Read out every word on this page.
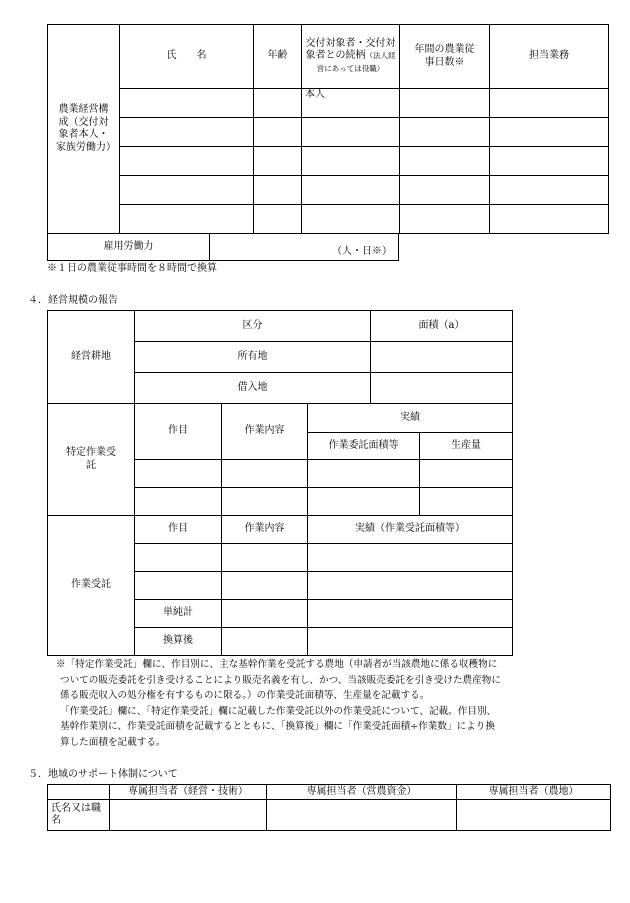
農業経営構成（交付対象者本人・家族労働力）	氏　　名	年齢	交付対象者・交付対象者との続柄（法人経営にあっては役職）	年間の農業従事日数※	担当業務
			本人		

雇用労働力	（人・日※）
※１日の農業従事時間を８時間で換算
４．経営規模の報告
経営耕地	区分			面積（a）	
	所有地				
	借入地				
特定作業受託	作目	作業内容	実績		
			作業委託面積等		生産量

作業受託	作目	作業内容	実績（作業受託面積等）		

	単純計				
	換算後				
※「特定作業受託」欄に、作目別に、主な基幹作業を受託する農地（申請者が当該農地に係る収穫物に
ついての販売委託を引き受けることにより販売名義を有し、かつ、当該販売委託を引き受けた農産物に
係る販売収入の処分権を有するものに限る。）の作業受託面積等、生産量を記載する。
「作業受託」欄に、「特定作業受託」欄に記載した作業受託以外の作業受託について、記載。作目別、
基幹作業別に、作業受託面積を記載するとともに、「換算後」欄に「作業受託面積÷作業数」により換
算した面積を記載する。
５．地域のサポート体制について
	専属担当者（経営・技術）	専属担当者（営農資金）	専属担当者（農地）
氏名又は職名			
